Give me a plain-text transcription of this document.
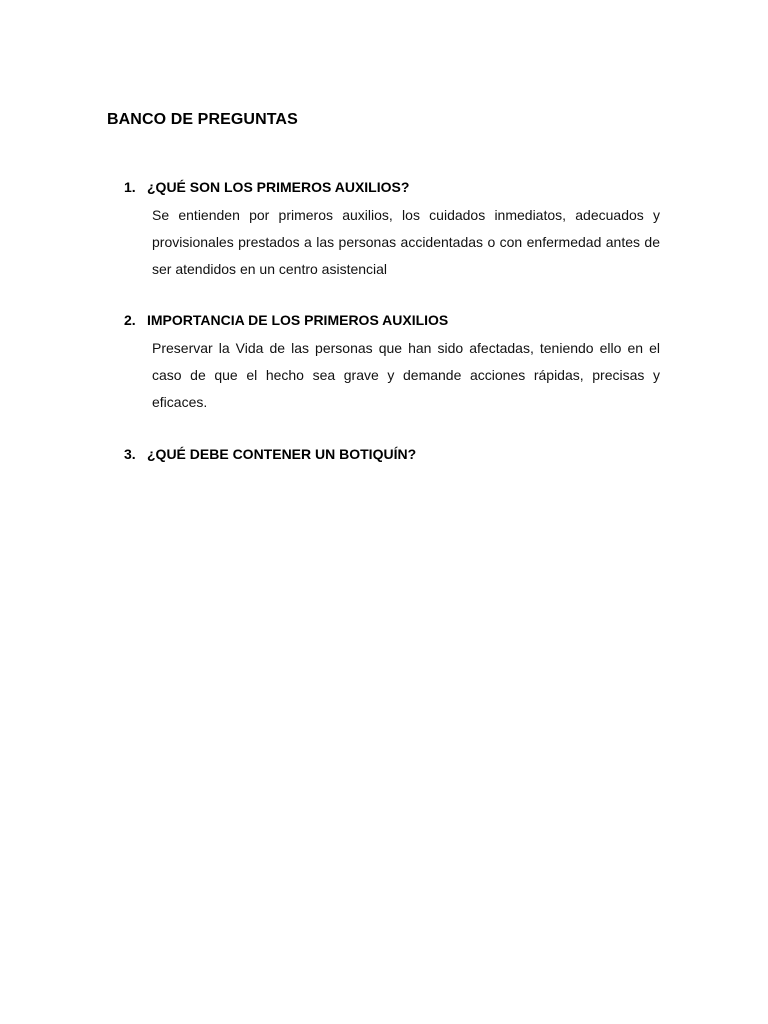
BANCO DE PREGUNTAS
1. ¿QUÉ SON LOS PRIMEROS AUXILIOS?

Se entienden por primeros auxilios, los cuidados inmediatos, adecuados y provisionales prestados a las personas accidentadas o con enfermedad antes de ser atendidos en un centro asistencial

2. IMPORTANCIA DE LOS PRIMEROS AUXILIOS

Preservar la Vida de las personas que han sido afectadas, teniendo ello en el caso de que el hecho sea grave y demande acciones rápidas, precisas y eficaces.

3. ¿QUÉ DEBE CONTENER UN BOTIQUÍN?
